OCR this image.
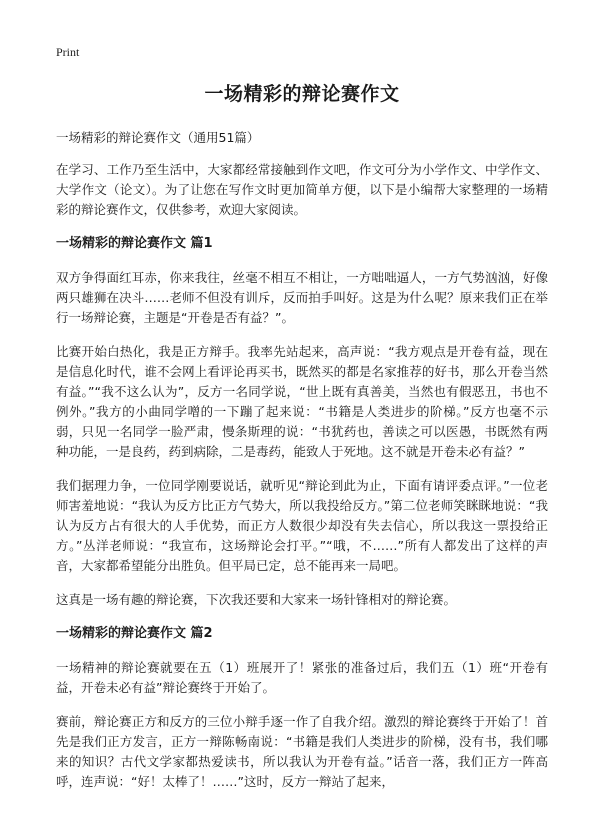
Print
一场精彩的辩论赛作文
一场精彩的辩论赛作文（通用51篇）

在学习、工作乃至生活中，大家都经常接触到作文吧，作文可分为小学作文、中学作文、大学作文（论文）。为了让您在写作文时更加简单方便，以下是小编帮大家整理的一场精彩的辩论赛作文，仅供参考，欢迎大家阅读。

一场精彩的辩论赛作文 篇1

双方争得面红耳赤，你来我往，丝毫不相互不相让，一方咄咄逼人，一方气势汹汹，好像两只雄狮在决斗……老师不但没有训斥，反而拍手叫好。这是为什么呢？原来我们正在举行一场辩论赛，主题是“开卷是否有益？”。

比赛开始白热化，我是正方辩手。我率先站起来，高声说：“我方观点是开卷有益，现在是信息化时代，谁不会网上看评论再买书，既然买的都是名家推荐的好书，那么开卷当然有益。”“我不这么认为”，反方一名同学说，“世上既有真善美，当然也有假恶丑，书也不例外。”我方的小曲同学噌的一下蹦了起来说：“书籍是人类进步的阶梯。”反方也毫不示弱，只见一名同学一脸严肃，慢条斯理的说：“书犹药也，善读之可以医愚，书既然有两种功能，一是良药，药到病除，二是毒药，能致人于死地。这不就是开卷未必有益？”

我们据理力争，一位同学刚要说话，就听见“辩论到此为止，下面有请评委点评。”一位老师害羞地说：“我认为反方比正方气势大，所以我投给反方。”第二位老师笑眯眯地说：“我认为反方占有很大的人手优势，而正方人数很少却没有失去信心，所以我这一票投给正方。”丛洋老师说：“我宣布，这场辩论会打平。”“哦，不……”所有人都发出了这样的声音，大家都希望能分出胜负。但平局已定，总不能再来一局吧。

这真是一场有趣的辩论赛，下次我还要和大家来一场针锋相对的辩论赛。

一场精彩的辩论赛作文 篇2

一场精神的辩论赛就要在五（1）班展开了！紧张的准备过后，我们五（1）班“开卷有益，开卷未必有益”辩论赛终于开始了。

赛前，辩论赛正方和反方的三位小辩手逐一作了自我介绍。激烈的辩论赛终于开始了！首先是我们正方发言，正方一辩陈畅南说：“书籍是我们人类进步的阶梯，没有书，我们哪来的知识？古代文学家都热爱读书，所以我认为开卷有益。”话音一落，我们正方一阵高呼，连声说：“好！太棒了！……”这时，反方一辩站了起来，
